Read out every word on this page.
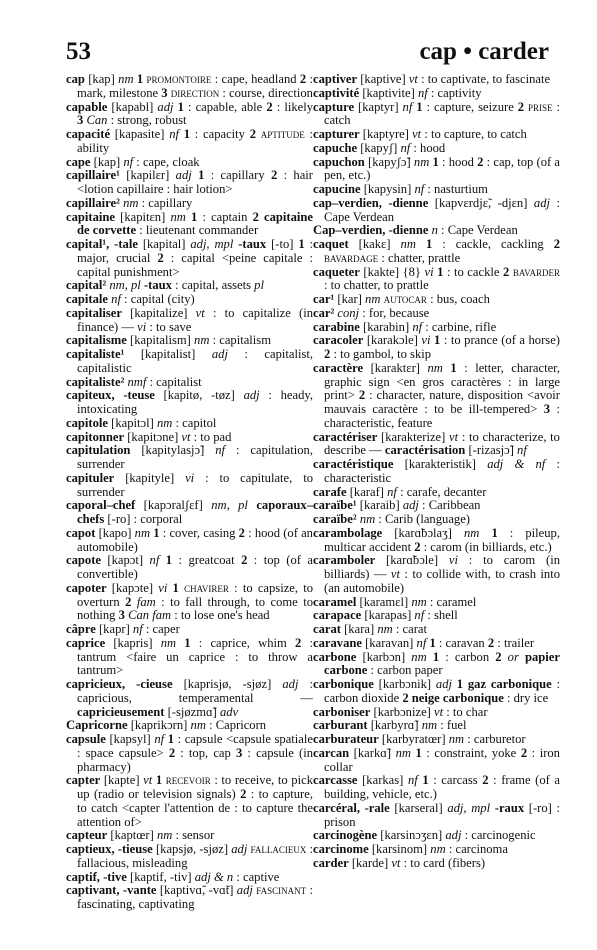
53	cap • carder

cap [kap] nm 1 promontoire : cape, headland 2 : mark, milestone 3 direction : course, direction

capable [kapabl] adj 1 : capable, able 2 : likely 3 Can : strong, robust

capacité [kapasite] nf 1 : capacity 2 aptitude : ability

cape [kap] nf : cape, cloak

capillaire¹ [kapilɛr] adj 1 : capillary 2 : hair <lotion capillaire : hair lotion>

capillaire² nm : capillary

capitaine [kapitɛn] nm 1 : captain 2 capitaine de corvette : lieutenant commander

capital¹, -tale [kapital] adj, mpl -taux [-to] 1 : major, crucial 2 : capital <peine capitale : capital punishment>

capital² nm, pl -taux : capital, assets pl

capitale nf : capital (city)

capitaliser [kapitalize] vt : to capitalize (in finance) — vi : to save

capitalisme [kapitalism] nm : capitalism

capitaliste¹ [kapitalist] adj : capitalist, capitalistic

capitaliste² nmf : capitalist

capiteux, -teuse [kapitø, -tøz] adj : heady, intoxicating

capitole [kapitɔl] nm : capitol

capitonner [kapitɔne] vt : to pad

capitulation [kapitylasjɔ̃] nf : capitulation, surrender

capituler [kapityle] vi : to capitulate, to surrender

caporal–chef [kapɔralʃɛf] nm, pl caporaux–chefs [-ro] : corporal

capot [kapo] nm 1 : cover, casing 2 : hood (of an automobile)

capote [kapɔt] nf 1 : greatcoat 2 : top (of a convertible)

capoter [kapɔte] vi 1 chavirer : to capsize, to overturn 2 fam : to fall through, to come to nothing 3 Can fam : to lose one's head

câpre [kapr] nf : caper

caprice [kapris] nm 1 : caprice, whim 2 : tantrum <faire un caprice : to throw a tantrum>

capricieux, -cieuse [kaprisjø, -sjøz] adj : capricious, temperamental — capricieusement [-sjøzmɑ̃] adv

Capricorne [kaprikɔrn] nm : Capricorn

capsule [kapsyl] nf 1 : capsule <capsule spatiale : space capsule> 2 : top, cap 3 : capsule (in pharmacy)

capter [kapte] vt 1 recevoir : to receive, to pick up (radio or television signals) 2 : to capture, to catch <capter l'attention de : to capture the attention of>

capteur [kaptœr] nm : sensor

captieux, -tieuse [kapsjø, -sjøz] adj fallacieux : fallacious, misleading

captif, -tive [kaptif, -tiv] adj & n : captive

captivant, -vante [kaptivɑ̃, -vɑ̃t] adj fascinant : fascinating, captivating

captiver [kaptive] vt : to captivate, to fascinate

captivité [kaptivite] nf : captivity

capture [kaptyr] nf 1 : capture, seizure 2 prise : catch

capturer [kaptyre] vt : to capture, to catch

capuche [kapyʃ] nf : hood

capuchon [kapyʃɔ̃] nm 1 : hood 2 : cap, top (of a pen, etc.)

capucine [kapysin] nf : nasturtium

cap–verdien, -dienne [kapvɛrdjɛ̃, -djɛn] adj : Cape Verdean

Cap–verdien, -dienne n : Cape Verdean

caquet [kakɛ] nm 1 : cackle, cackling 2 bavardage : chatter, prattle

caqueter [kakte] {8} vi 1 : to cackle 2 bavarder : to chatter, to prattle

car¹ [kar] nm autocar : bus, coach

car² conj : for, because

carabine [karabin] nf : carbine, rifle

caracoler [karakɔle] vi 1 : to prance (of a horse) 2 : to gambol, to skip

caractère [karaktɛr] nm 1 : letter, character, graphic sign <en gros caractères : in large print> 2 : character, nature, disposition <avoir mauvais caractère : to be ill-tempered> 3 : characteristic, feature

caractériser [karakterize] vt : to characterize, to describe — caractérisation [-rizasjɔ̃] nf

caractéristique [karakteristik] adj & nf : characteristic

carafe [karaf] nf : carafe, decanter

caraïbe¹ [karaib] adj : Caribbean

caraïbe² nm : Carib (language)

carambolage [karɑ̃bɔlaʒ] nm 1 : pileup, multicar accident 2 : carom (in billiards, etc.)

caramboler [karɑ̃bɔle] vi : to carom (in billiards) — vt : to collide with, to crash into (an automobile)

caramel [karamɛl] nm : caramel

carapace [karapas] nf : shell

carat [kara] nm : carat

caravane [karavan] nf 1 : caravan 2 : trailer

carbone [karbɔn] nm 1 : carbon 2 or papier carbone : carbon paper

carbonique [karbɔnik] adj 1 gaz carbonique : carbon dioxide 2 neige carbonique : dry ice

carboniser [karbɔnize] vt : to char

carburant [karbyrɑ̃] nm : fuel

carburateur [karbyratœr] nm : carburetor

carcan [karkɑ̃] nm 1 : constraint, yoke 2 : iron collar

carcasse [karkas] nf 1 : carcass 2 : frame (of a building, vehicle, etc.)

carcéral, -rale [karseral] adj, mpl -raux [-ro] : prison

carcinogène [karsinɔʒɛn] adj : carcinogenic

carcinome [karsinom] nm : carcinoma

carder [karde] vt : to card (fibers)
